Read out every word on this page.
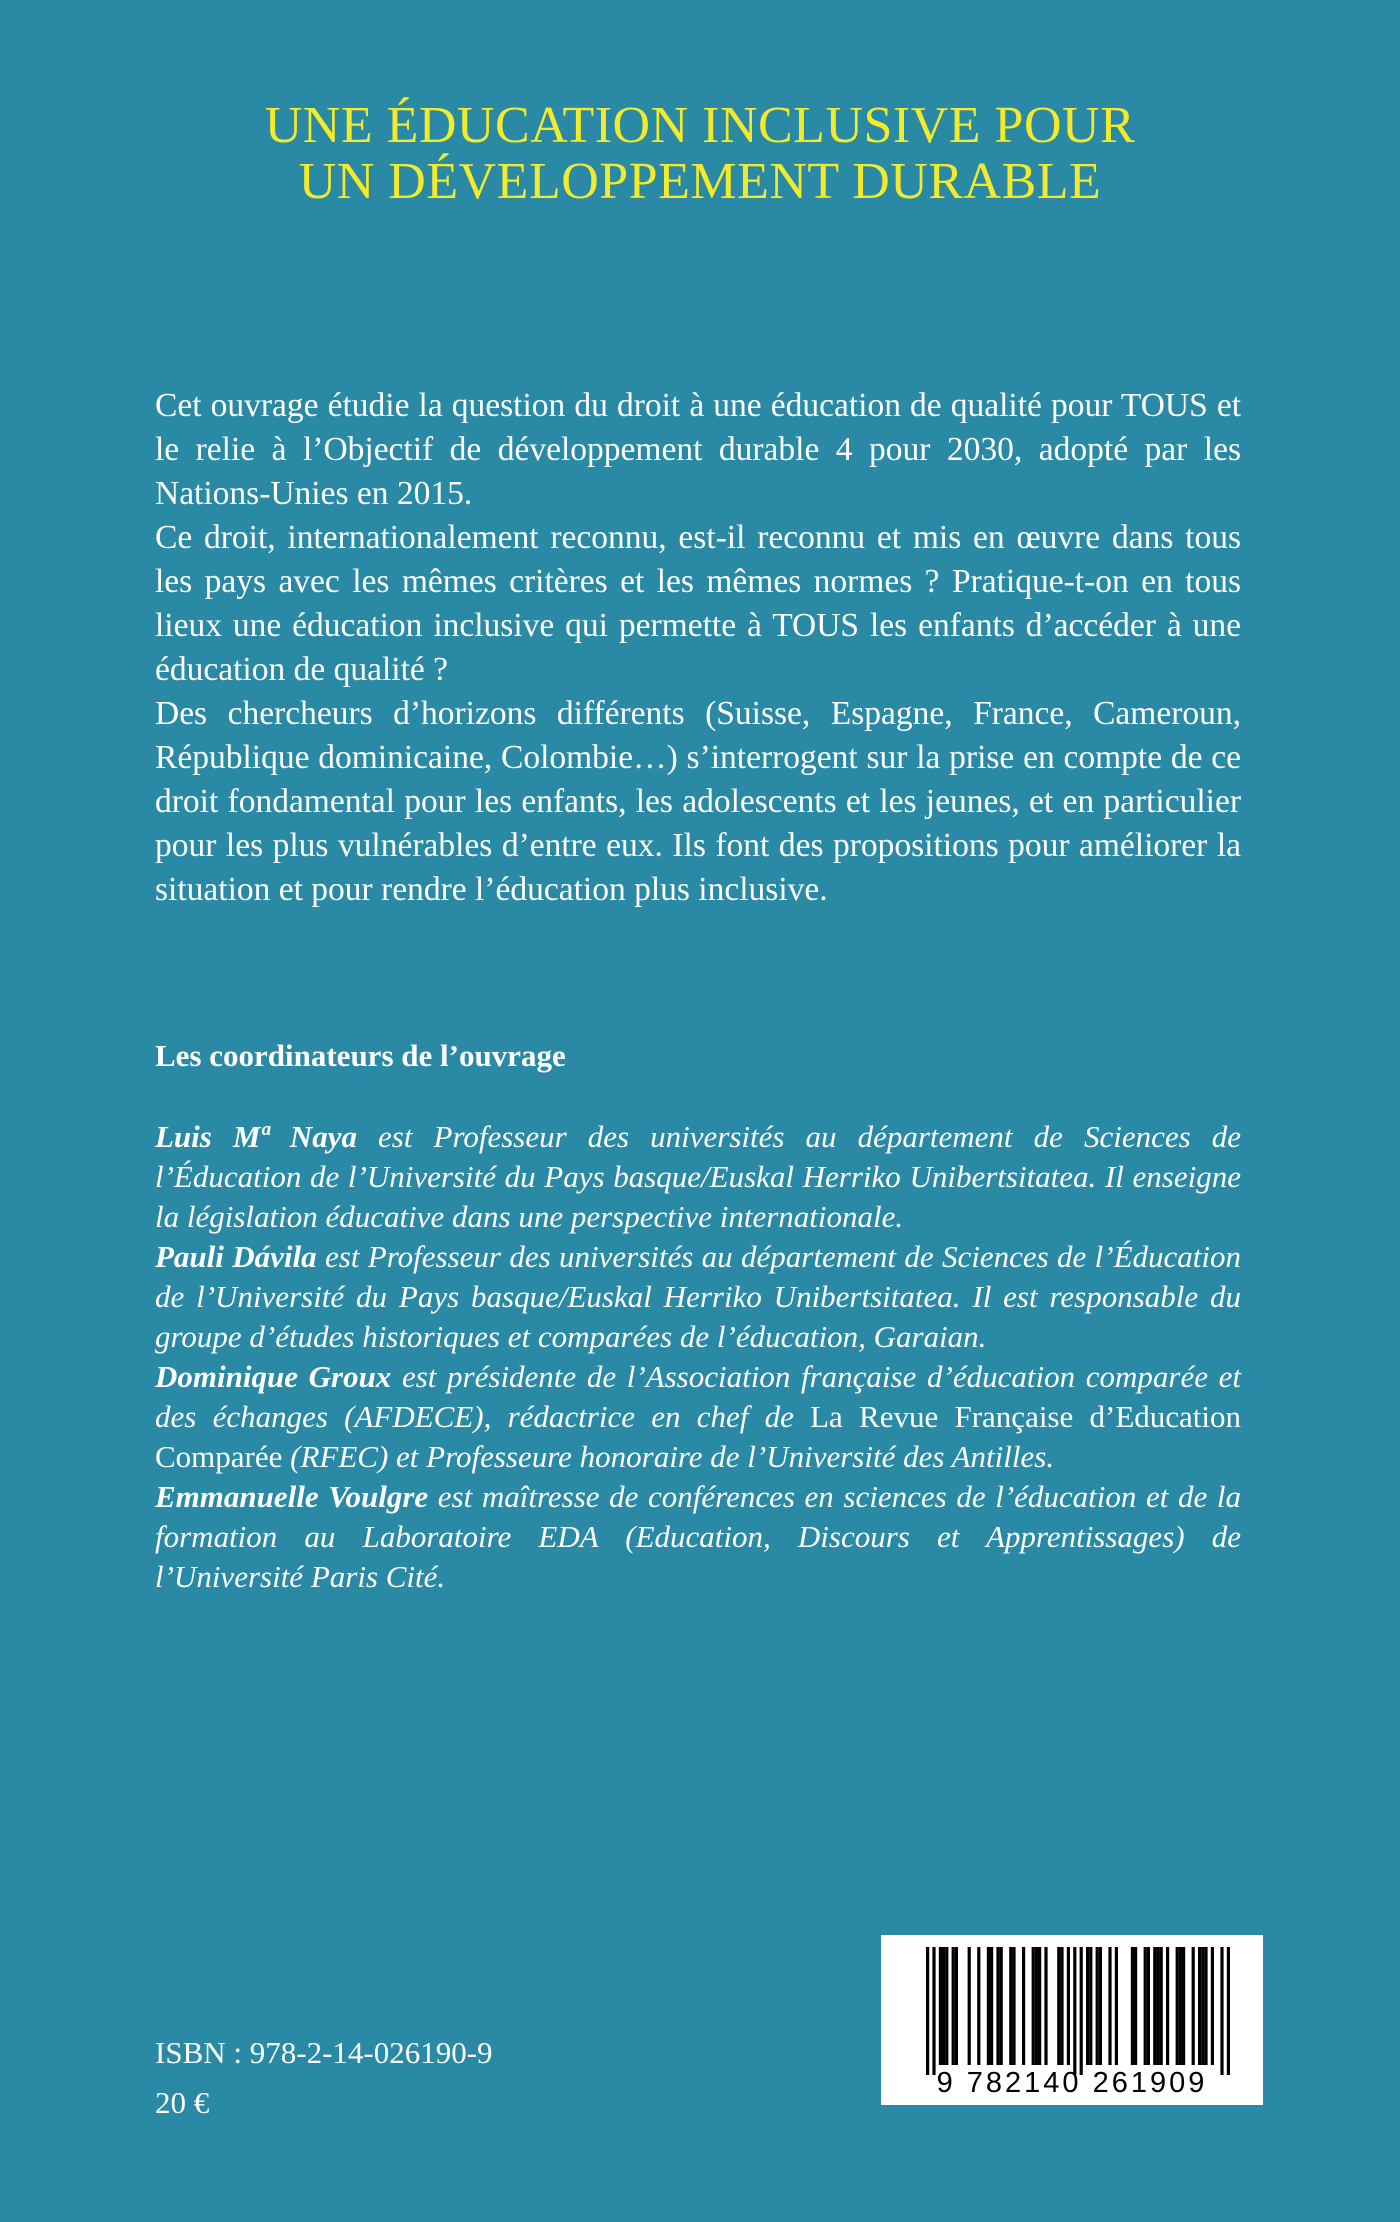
UNE ÉDUCATION INCLUSIVE POUR
UN DÉVELOPPEMENT DURABLE

Cet ouvrage étudie la question du droit à une éducation de qualité pour TOUS et le relie à l’Objectif de développement durable 4 pour 2030, adopté par les Nations-Unies en 2015.

Ce droit, internationalement reconnu, est-il reconnu et mis en œuvre dans tous les pays avec les mêmes critères et les mêmes normes ? Pratique-t-on en tous lieux une éducation inclusive qui permette à TOUS les enfants d’accéder à une éducation de qualité ?

Des chercheurs d’horizons différents (Suisse, Espagne, France, Cameroun, République dominicaine, Colombie…) s’interrogent sur la prise en compte de ce droit fondamental pour les enfants, les adolescents et les jeunes, et en particulier pour les plus vulnérables d’entre eux. Ils font des propositions pour améliorer la situation et pour rendre l’éducation plus inclusive.

Les coordinateurs de l’ouvrage

Luis Mª Naya est Professeur des universités au département de Sciences de l’Éducation de l’Université du Pays basque/Euskal Herriko Unibertsitatea. Il enseigne la législation éducative dans une perspective internationale.

Pauli Dávila est Professeur des universités au département de Sciences de l’Éducation de l’Université du Pays basque/Euskal Herriko Unibertsitatea. Il est responsable du groupe d’études historiques et comparées de l’éducation, Garaian.

Dominique Groux est présidente de l’Association française d’éducation comparée et des échanges (AFDECE), rédactrice en chef de La Revue Française d’Education Comparée (RFEC) et Professeure honoraire de l’Université des Antilles.

Emmanuelle Voulgre est maîtresse de conférences en sciences de l’éducation et de la formation au Laboratoire EDA (Education, Discours et Apprentissages) de l’Université Paris Cité.

ISBN : 978-2-14-026190-9
20 €
9 782140 261909
